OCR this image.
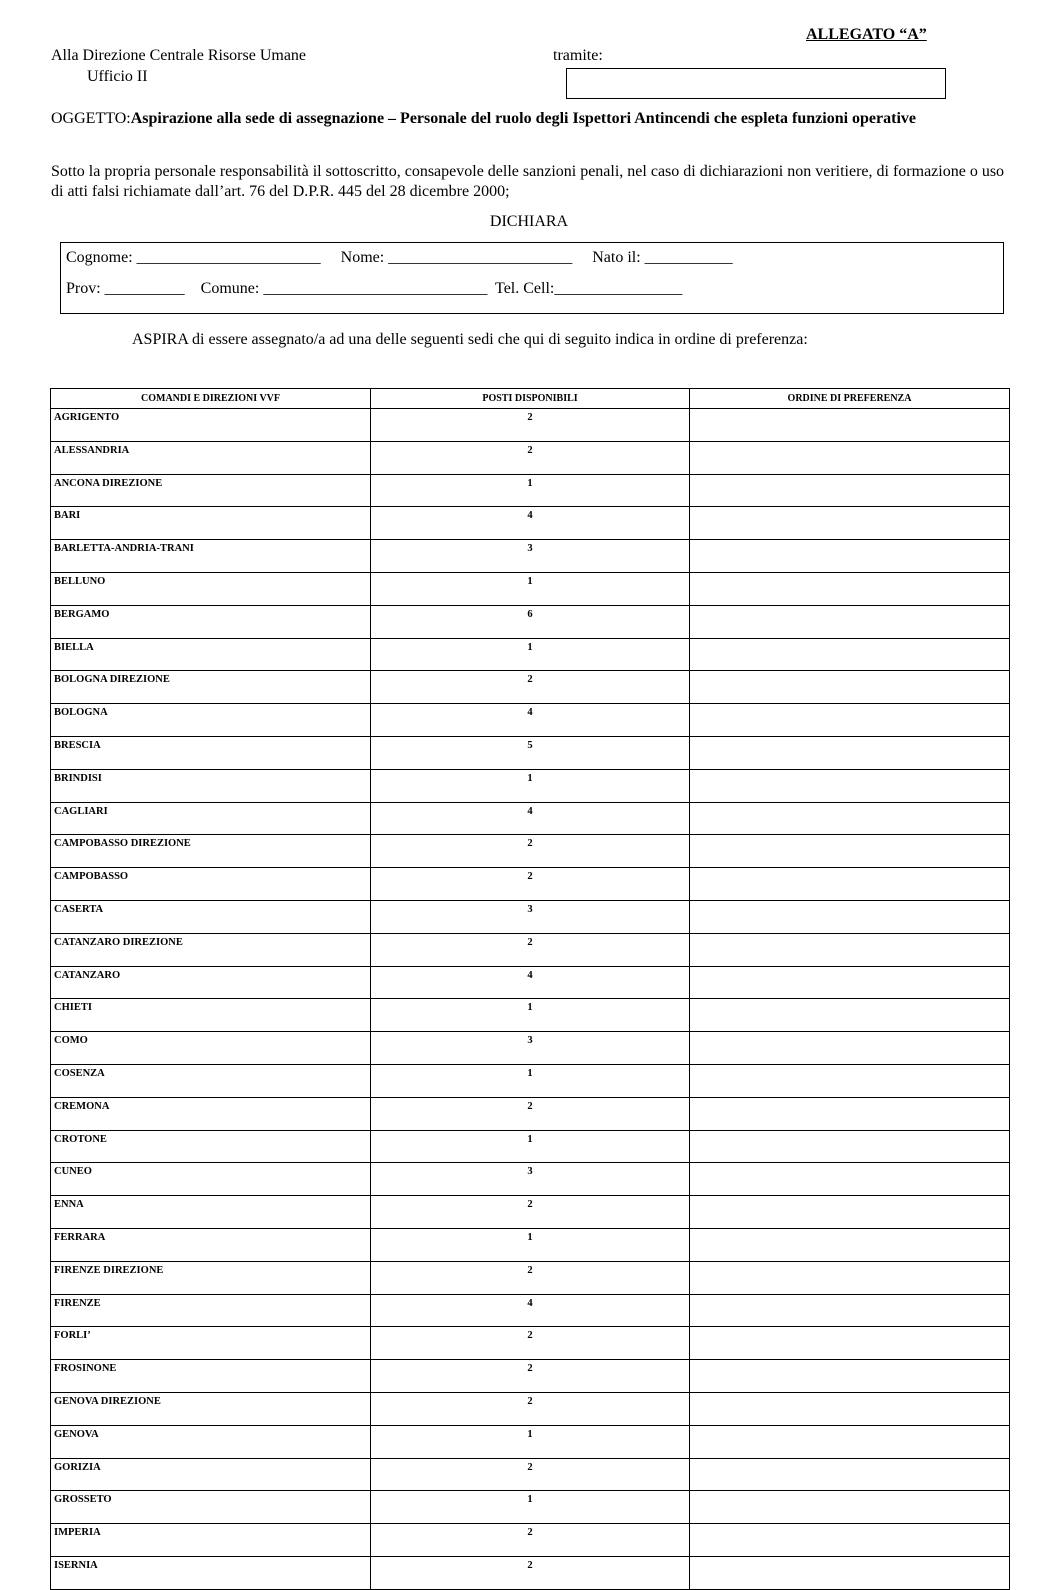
ALLEGATO “A”
Alla Direzione Centrale Risorse Umane
Ufficio II
tramite:
OGGETTO:Aspirazione alla sede di assegnazione – Personale del ruolo degli Ispettori Antincendi che espleta funzioni operative
Sotto la propria personale responsabilità il sottoscritto, consapevole delle sanzioni penali, nel caso di dichiarazioni non veritiere, di formazione o uso di atti falsi richiamate dall’art. 76 del D.P.R. 445 del 28 dicembre 2000;
DICHIARA
Cognome: _______________________     Nome: _______________________     Nato il: ___________
Prov: __________    Comune: ____________________________  Tel. Cell:________________
ASPIRA di essere assegnato/a ad una delle seguenti sedi che qui di seguito indica in ordine di preferenza:
COMANDI E DIREZIONI VVF	POSTI DISPONIBILI	ORDINE DI PREFERENZA
AGRIGENTO	2	
ALESSANDRIA	2	
ANCONA DIREZIONE	1	
BARI	4	
BARLETTA-ANDRIA-TRANI	3	
BELLUNO	1	
BERGAMO	6	
BIELLA	1	
BOLOGNA DIREZIONE	2	
BOLOGNA	4	
BRESCIA	5	
BRINDISI	1	
CAGLIARI	4	
CAMPOBASSO DIREZIONE	2	
CAMPOBASSO	2	
CASERTA	3	
CATANZARO DIREZIONE	2	
CATANZARO	4	
CHIETI	1	
COMO	3	
COSENZA	1	
CREMONA	2	
CROTONE	1	
CUNEO	3	
ENNA	2	
FERRARA	1	
FIRENZE DIREZIONE	2	
FIRENZE	4	
FORLI’	2	
FROSINONE	2	
GENOVA DIREZIONE	2	
GENOVA	1	
GORIZIA	2	
GROSSETO	1	
IMPERIA	2	
ISERNIA	2	
